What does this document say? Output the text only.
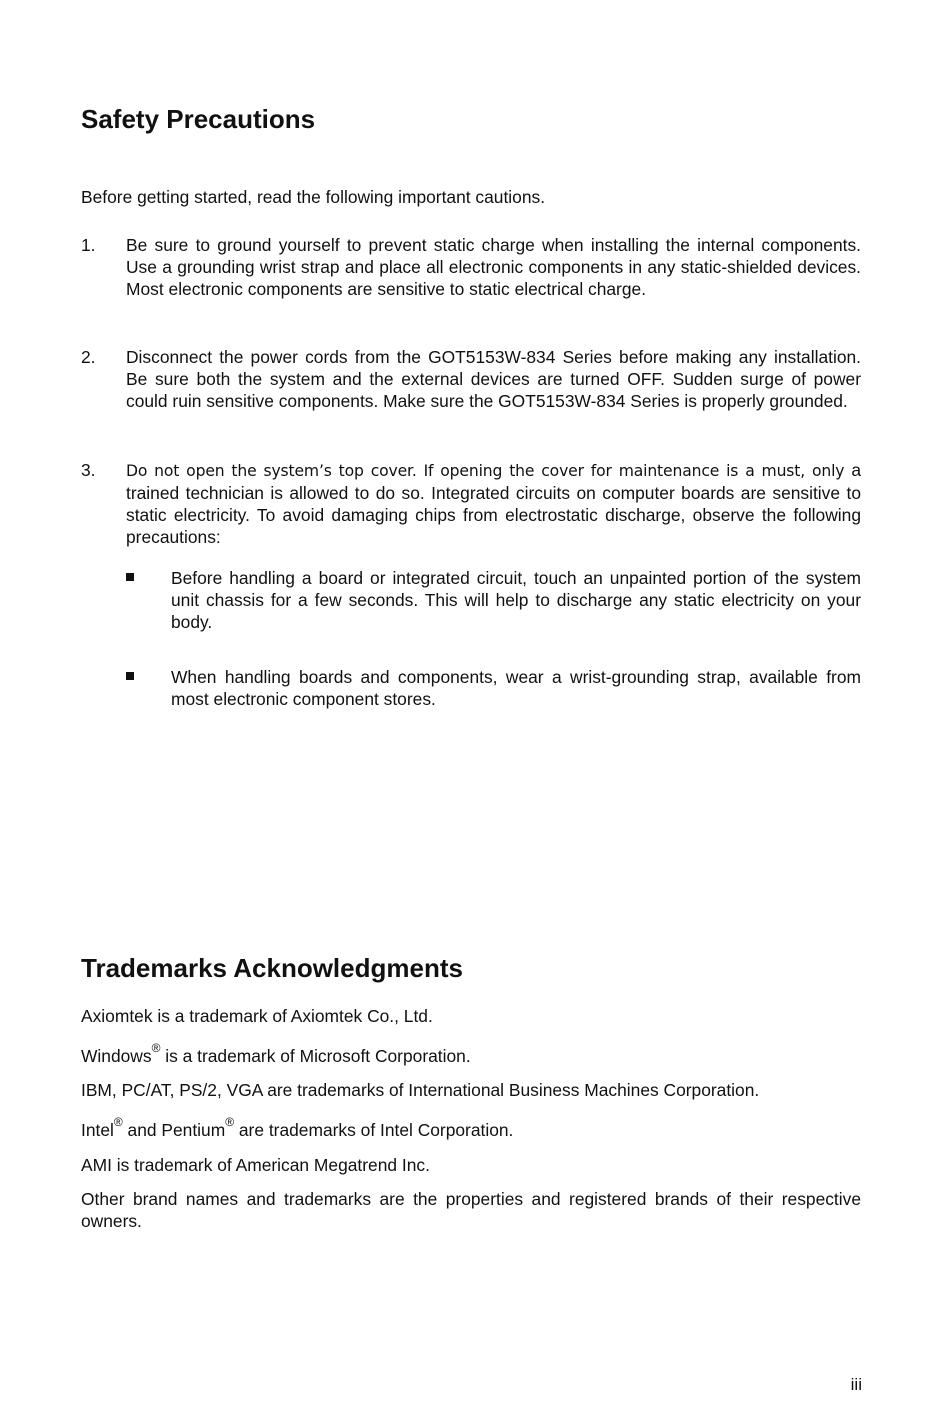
Safety Precautions

Before getting started, read the following important cautions.

1.	Be sure to ground yourself to prevent static charge when installing the internal components. Use a grounding wrist strap and place all electronic components in any static-shielded devices. Most electronic components are sensitive to static electrical charge.

2.	Disconnect the power cords from the GOT5153W-834 Series before making any installation. Be sure both the system and the external devices are turned OFF. Sudden surge of power could ruin sensitive components. Make sure the GOT5153W-834 Series is properly grounded.

3.	Do not open the system’s top cover. If opening the cover for maintenance is a must, only a trained technician is allowed to do so. Integrated circuits on computer boards are sensitive to static electricity. To avoid damaging chips from electrostatic discharge, observe the following precautions:

Before handling a board or integrated circuit, touch an unpainted portion of the system unit chassis for a few seconds. This will help to discharge any static electricity on your body.

When handling boards and components, wear a wrist-grounding strap, available from most electronic component stores.

Trademarks Acknowledgments

Axiomtek is a trademark of Axiomtek Co., Ltd.

Windows® is a trademark of Microsoft Corporation.

IBM, PC/AT, PS/2, VGA are trademarks of International Business Machines Corporation.

Intel® and Pentium® are trademarks of Intel Corporation.

AMI is trademark of American Megatrend Inc.

Other brand names and trademarks are the properties and registered brands of their respective owners.

iii
